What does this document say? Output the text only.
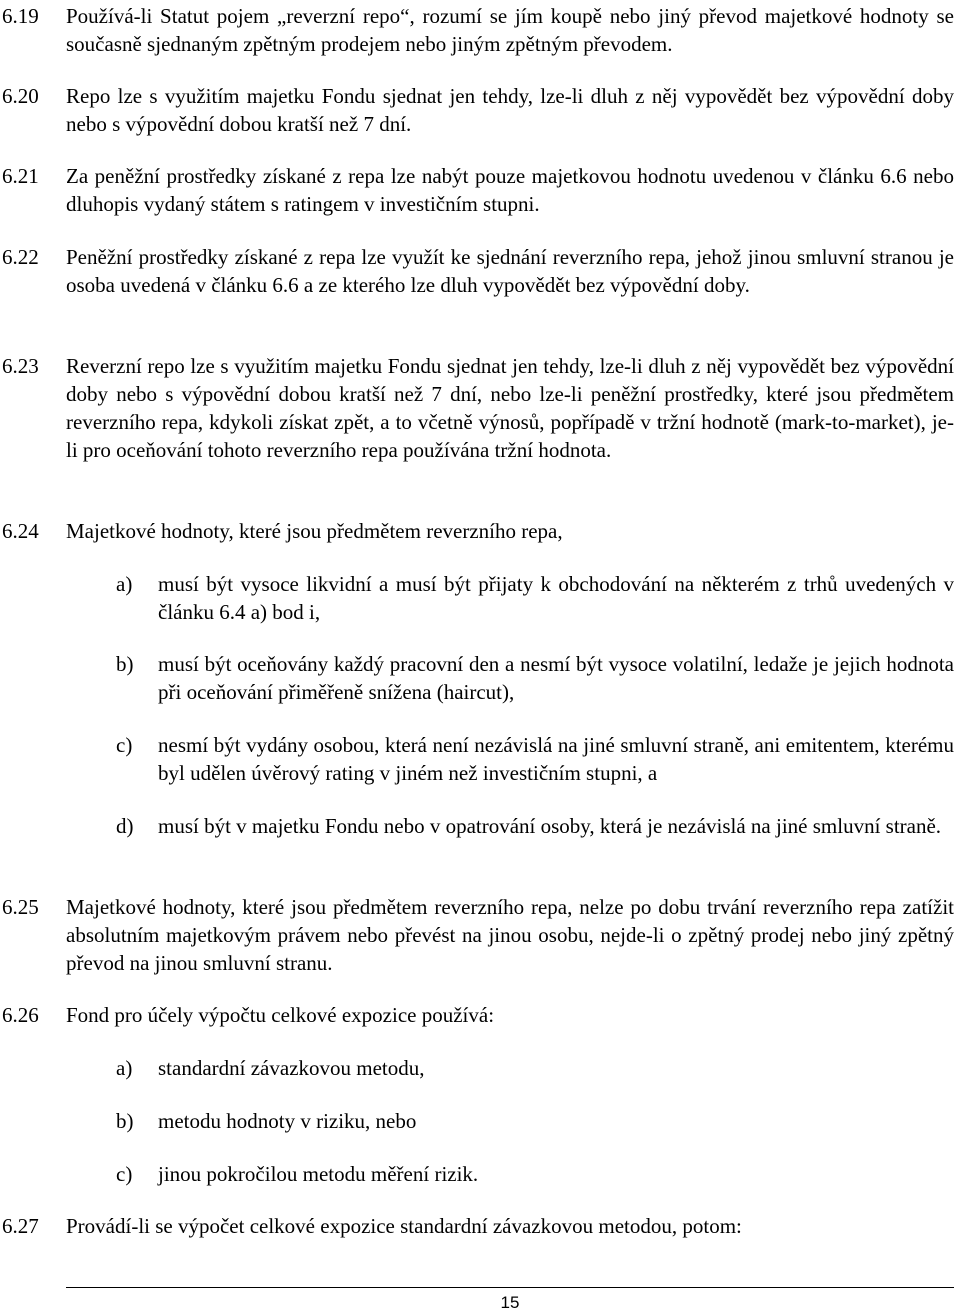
6.19	Používá-li Statut pojem „reverzní repo“, rozumí se jím koupě nebo jiný převod majetkové hodnoty se současně sjednaným zpětným prodejem nebo jiným zpětným převodem.
6.20	Repo lze s využitím majetku Fondu sjednat jen tehdy, lze-li dluh z něj vypovědět bez výpovědní doby nebo s výpovědní dobou kratší než 7 dní.
6.21	Za peněžní prostředky získané z repa lze nabýt pouze majetkovou hodnotu uvedenou v článku 6.6 nebo dluhopis vydaný státem s ratingem v investičním stupni.
6.22	Peněžní prostředky získané z repa lze využít ke sjednání reverzního repa, jehož jinou smluvní stranou je osoba uvedená v článku 6.6 a ze kterého lze dluh vypovědět bez výpovědní doby.
6.23	Reverzní repo lze s využitím majetku Fondu sjednat jen tehdy, lze-li dluh z něj vypovědět bez výpovědní doby nebo s výpovědní dobou kratší než 7 dní, nebo lze-li peněžní prostředky, které jsou předmětem reverzního repa, kdykoli získat zpět, a to včetně výnosů, popřípadě v tržní hodnotě (mark-to-market), je-li pro oceňování tohoto reverzního repa používána tržní hodnota.
6.24	Majetkové hodnoty, které jsou předmětem reverzního repa,
a)	musí být vysoce likvidní a musí být přijaty k obchodování na některém z trhů uvedených v článku 6.4 a) bod i,
b)	musí být oceňovány každý pracovní den a nesmí být vysoce volatilní, ledaže je jejich hodnota při oceňování přiměřeně snížena (haircut),
c)	nesmí být vydány osobou, která není nezávislá na jiné smluvní straně, ani emitentem, kterému byl udělen úvěrový rating v jiném než investičním stupni, a
d)	musí být v majetku Fondu nebo v opatrování osoby, která je nezávislá na jiné smluvní straně.
6.25	Majetkové hodnoty, které jsou předmětem reverzního repa, nelze po dobu trvání reverzního repa zatížit absolutním majetkovým právem nebo převést na jinou osobu, nejde-li o zpětný prodej nebo jiný zpětný převod na jinou smluvní stranu.
6.26	Fond pro účely výpočtu celkové expozice používá:
a)	standardní závazkovou metodu,
b)	metodu hodnoty v riziku, nebo
c)	jinou pokročilou metodu měření rizik.
6.27	Provádí-li se výpočet celkové expozice standardní závazkovou metodou, potom:
15
